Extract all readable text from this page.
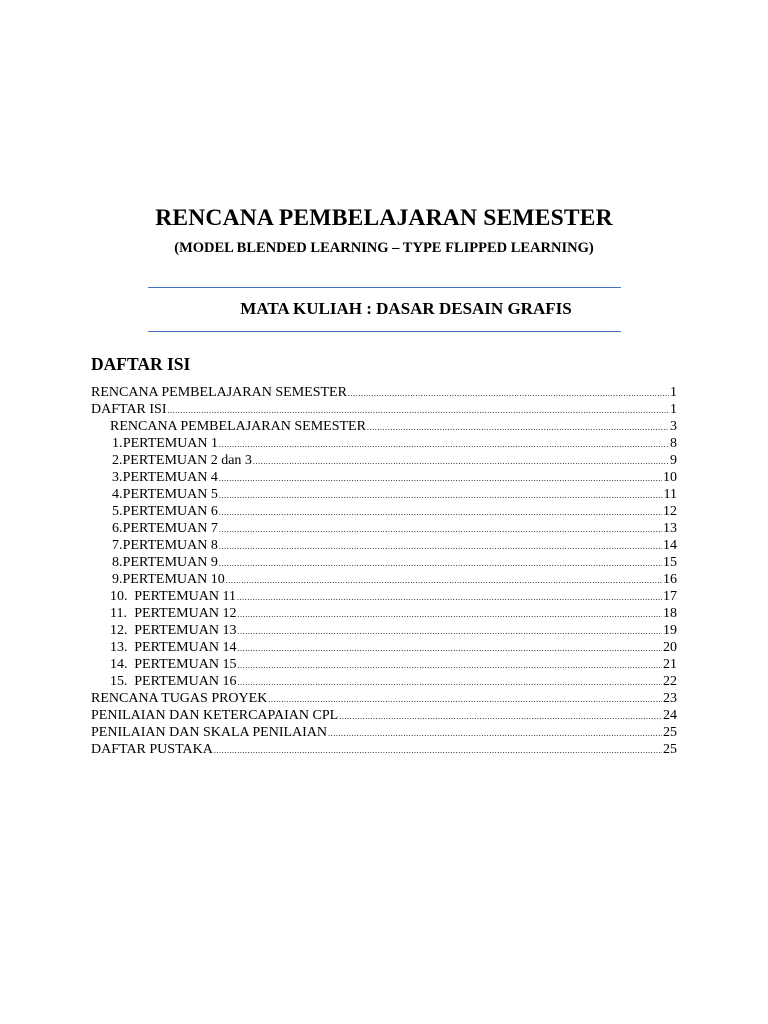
RENCANA PEMBELAJARAN SEMESTER
(MODEL BLENDED LEARNING – TYPE FLIPPED LEARNING)
MATA KULIAH : DASAR DESAIN GRAFIS
DAFTAR ISI
RENCANA PEMBELAJARAN SEMESTER .....	1
DAFTAR ISI .....	1
RENCANA PEMBELAJARAN SEMESTER .....	3
1. PERTEMUAN 1 .....	8
2. PERTEMUAN 2 dan 3 .....	9
3. PERTEMUAN 4 .....	10
4. PERTEMUAN 5 .....	11
5. PERTEMUAN 6 .....	12
6. PERTEMUAN 7 .....	13
7. PERTEMUAN 8 .....	14
8. PERTEMUAN 9 .....	15
9. PERTEMUAN 10 .....	16
10. PERTEMUAN 11 .....	17
11. PERTEMUAN 12 .....	18
12. PERTEMUAN 13 .....	19
13. PERTEMUAN 14 .....	20
14. PERTEMUAN 15 .....	21
15. PERTEMUAN 16 .....	22
RENCANA TUGAS PROYEK .....	23
PENILAIAN DAN KETERCAPAIAN CPL .....	24
PENILAIAN DAN SKALA PENILAIAN .....	25
DAFTAR PUSTAKA .....	25
